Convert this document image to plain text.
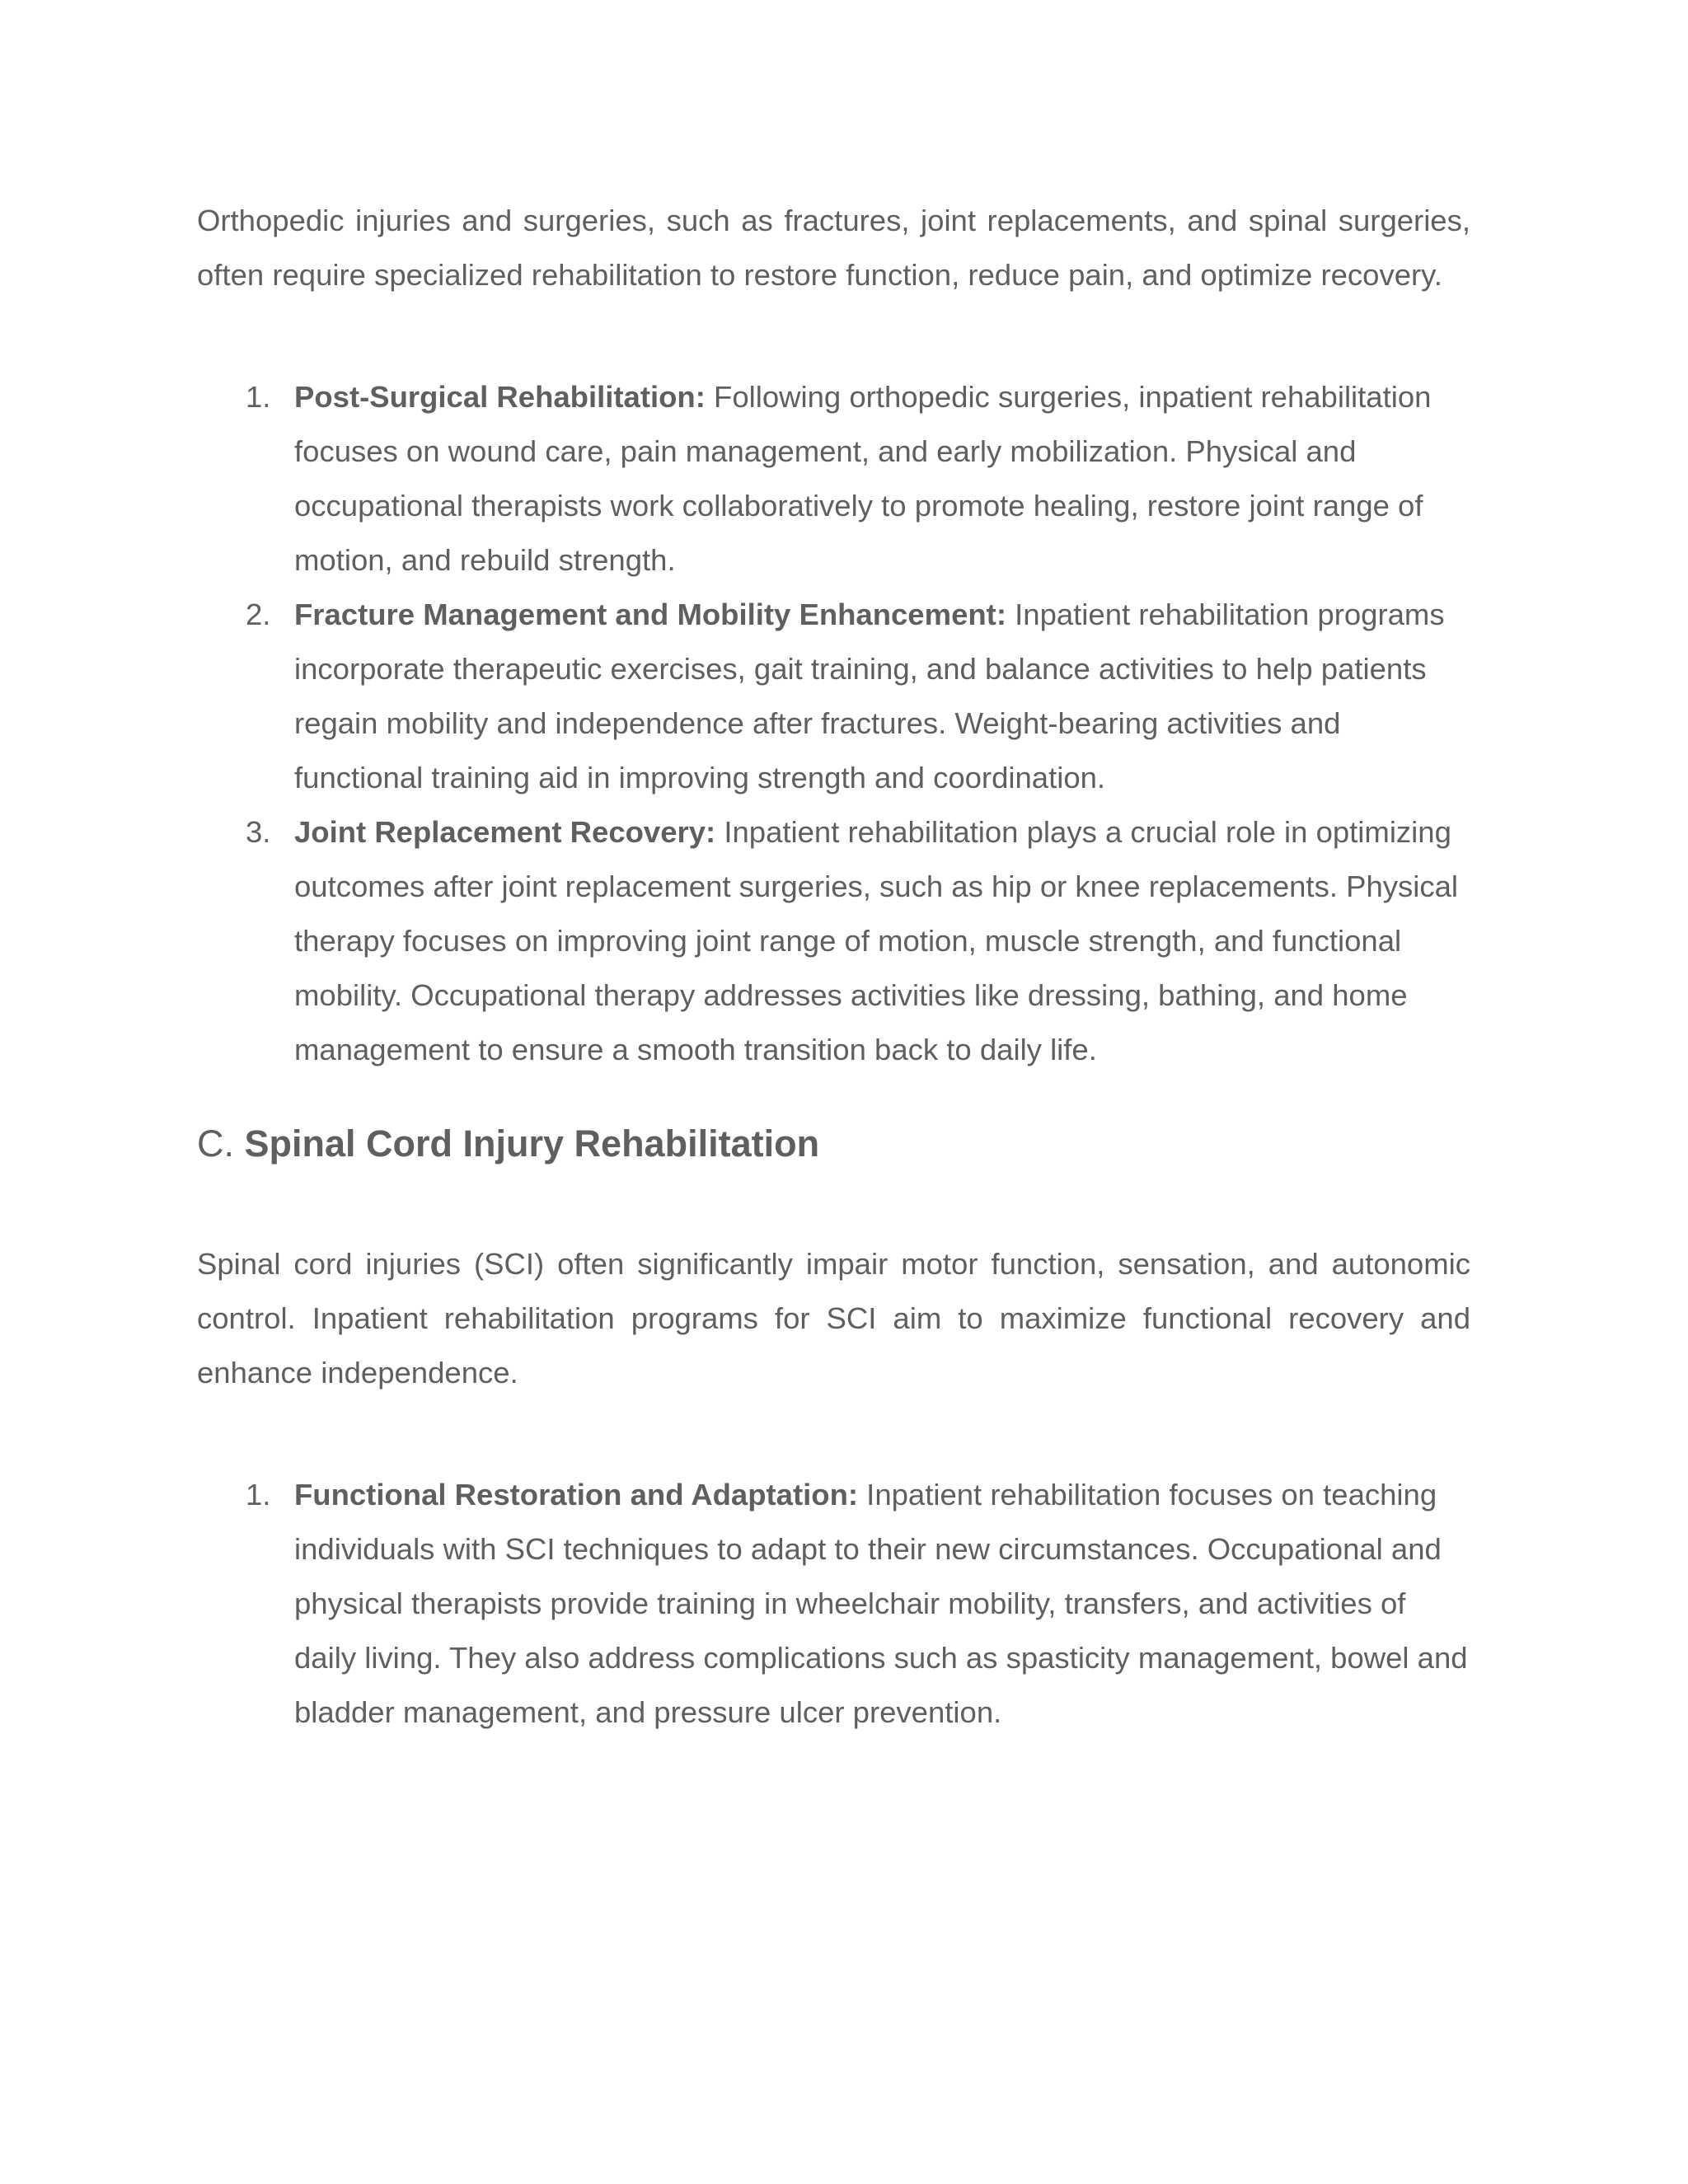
Orthopedic injuries and surgeries, such as fractures, joint replacements, and spinal surgeries, often require specialized rehabilitation to restore function, reduce pain, and optimize recovery.

1. Post-Surgical Rehabilitation: Following orthopedic surgeries, inpatient rehabilitation focuses on wound care, pain management, and early mobilization. Physical and occupational therapists work collaboratively to promote healing, restore joint range of motion, and rebuild strength.
2. Fracture Management and Mobility Enhancement: Inpatient rehabilitation programs incorporate therapeutic exercises, gait training, and balance activities to help patients regain mobility and independence after fractures. Weight-bearing activities and functional training aid in improving strength and coordination.
3. Joint Replacement Recovery: Inpatient rehabilitation plays a crucial role in optimizing outcomes after joint replacement surgeries, such as hip or knee replacements. Physical therapy focuses on improving joint range of motion, muscle strength, and functional mobility. Occupational therapy addresses activities like dressing, bathing, and home management to ensure a smooth transition back to daily life.
C. Spinal Cord Injury Rehabilitation

Spinal cord injuries (SCI) often significantly impair motor function, sensation, and autonomic control. Inpatient rehabilitation programs for SCI aim to maximize functional recovery and enhance independence.

1. Functional Restoration and Adaptation: Inpatient rehabilitation focuses on teaching individuals with SCI techniques to adapt to their new circumstances. Occupational and physical therapists provide training in wheelchair mobility, transfers, and activities of daily living. They also address complications such as spasticity management, bowel and bladder management, and pressure ulcer prevention.
